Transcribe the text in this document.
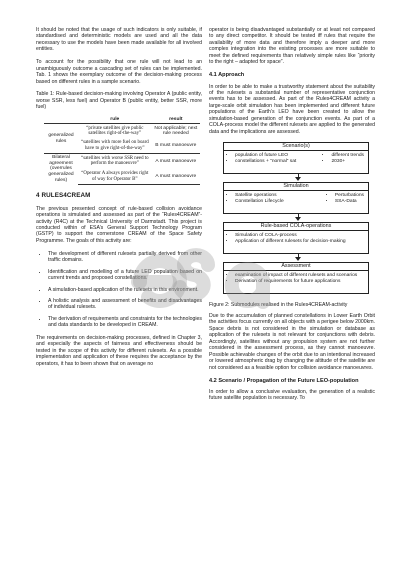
It should be noted that the usage of such indicators is only suitable, if standardised and deterministic models are used and all the data necessary to use the models have been made available for all involved entities.

To account for the possibility that one rule will not lead to an unambiguously outcome a cascading set of rules can be implemented. Tab. 1 shows the exemplary outcome of the decision-making process based on different rules in a sample scenario.

Table 1: Rule-based decision-making involving Operator A (public entity, worse SSR, less fuel) and Operator B (public entity, better SSR, more fuel)

	rule	result
generalized rules	“private satellites give public satellites right-of-the-way”	Not applicable; next rule needed
	“satellites with more fuel on board have to give right-of-the-way”	B must manoeuvre
Bilateral agreement (overrules generalized rules)	“satellites with worse SSR need to perform the manoeuvre”	A must manoeuvre
	“Operator A always provides right of way for Operator B”	A must manoeuvre
4 RULES4CREAM

The previous presented concept of rule-based collision avoidance operations is simulated and assessed as part of the “Rules4CREAM”-activity (R4C) at the Technical University of Darmstadt. This project is conducted within of ESA’s General Support Technology Program (GSTP) to support the cornerstone CREAM of the Space Safety Programme. The goals of this activity are:

• The development of different rulesets partially derived from other traffic domains.
• Identification and modelling of a future LEO population based on current trends and proposed constellations.
• A simulation-based application of the rulesets in this environment.
• A holistic analysis and assessment of benefits and disadvantages of individual rulesets.
• The derivation of requirements and constraints for the technologies and data standards to be developed in CREAM.

The requirements on decision-making processes, defined in Chapter 3, and especially the aspects of fairness and effectiveness should be tested in the scope of this activity for different rulesets. As a possible implementation and application of these requires the acceptance by the operators, it has to been shown that on average no

operator is being disadvantaged substantially or at least not compared to any direct competitor. It should be tested iff rules that require the availability of more data and therefore imply a deeper and more complex integration into the existing processes are more suitable to meet the defined requirements than relatively simple rules like “priority to the right – adapted for space”.

4.1 Approach

In order to be able to make a trustworthy statement about the suitability of the rulesets a substantial number of representative conjunction events has to be assessed. As part of the Rules4CREAM activity a large-scale orbit simulation has been implemented and different future populations of the Earth’s LEO have been created to allow the simulation-based generation of the conjunction events. As part of a COLA-process model the different rulesets are applied to the generated data and the implications are assessed.

Scenario(s)
• population of future LEO
• constellations + “normal” sat
• different trends
• 2030+
Simulation
• Satellite operations
• Constellation Lifecycle
• Perturbations
• SSA-Data
Rule-based COLA-operations
• Simulation of COLA-process
• Application of different rulesets for decision-making
Assessment
• examination of impact of different rulesets and scenarios
• Derivation of requirements for future applications

Figure 2: Submodules realised in the Rules4CREAM-activity

Due to the accumulation of planned constellations in Lower Earth Orbit the activities focus currently on all objects with a perigee below 2000km. Space debris is not considered in the simulation or database as application of the rulesets is not relevant for conjunctions with debris. Accordingly, satellites without any propulsion system are not further considered in the assessment process, as they cannot manoeuvre. Possible achievable changes of the orbit due to an intentional increased or lowered atmospheric drag by changing the altitude of the satellite are not considered as a feasible option for collision avoidance manoeuvres.

4.2 Scenario / Propagation of the Future LEO-population

In order to allow a conclusive evaluation, the generation of a realistic future satellite population is necessary. To
